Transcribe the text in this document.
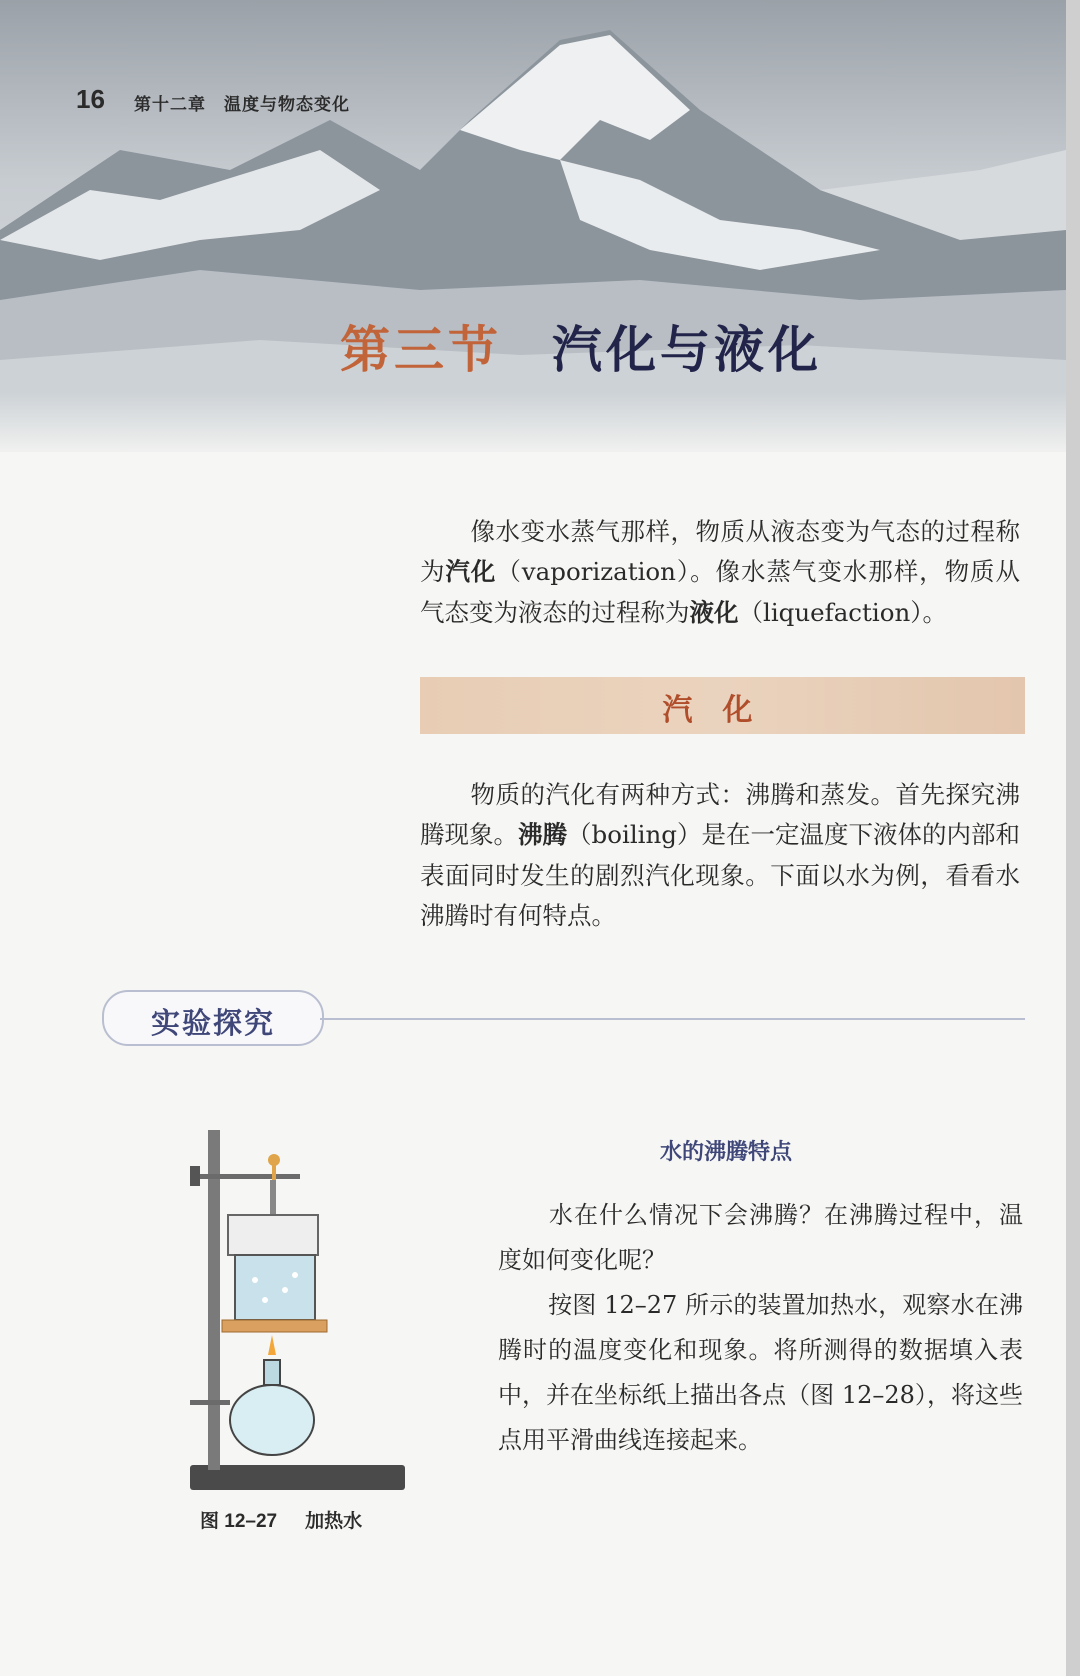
16 第十二章　温度与物态变化
第三节 汽化与液化
像水变水蒸气那样，物质从液态变为气态的过程称为汽化（vaporization）。像水蒸气变水那样，物质从气态变为液态的过程称为液化（liquefaction）。
汽化
物质的汽化有两种方式：沸腾和蒸发。首先探究沸腾现象。沸腾（boiling）是在一定温度下液体的内部和表面同时发生的剧烈汽化现象。下面以水为例，看看水沸腾时有何特点。
实验探究
图 12–27 加热水
水的沸腾特点
水在什么情况下会沸腾？在沸腾过程中，温度如何变化呢？
按图 12–27 所示的装置加热水，观察水在沸腾时的温度变化和现象。将所测得的数据填入表中，并在坐标纸上描出各点（图 12–28），将这些点用平滑曲线连接起来。
